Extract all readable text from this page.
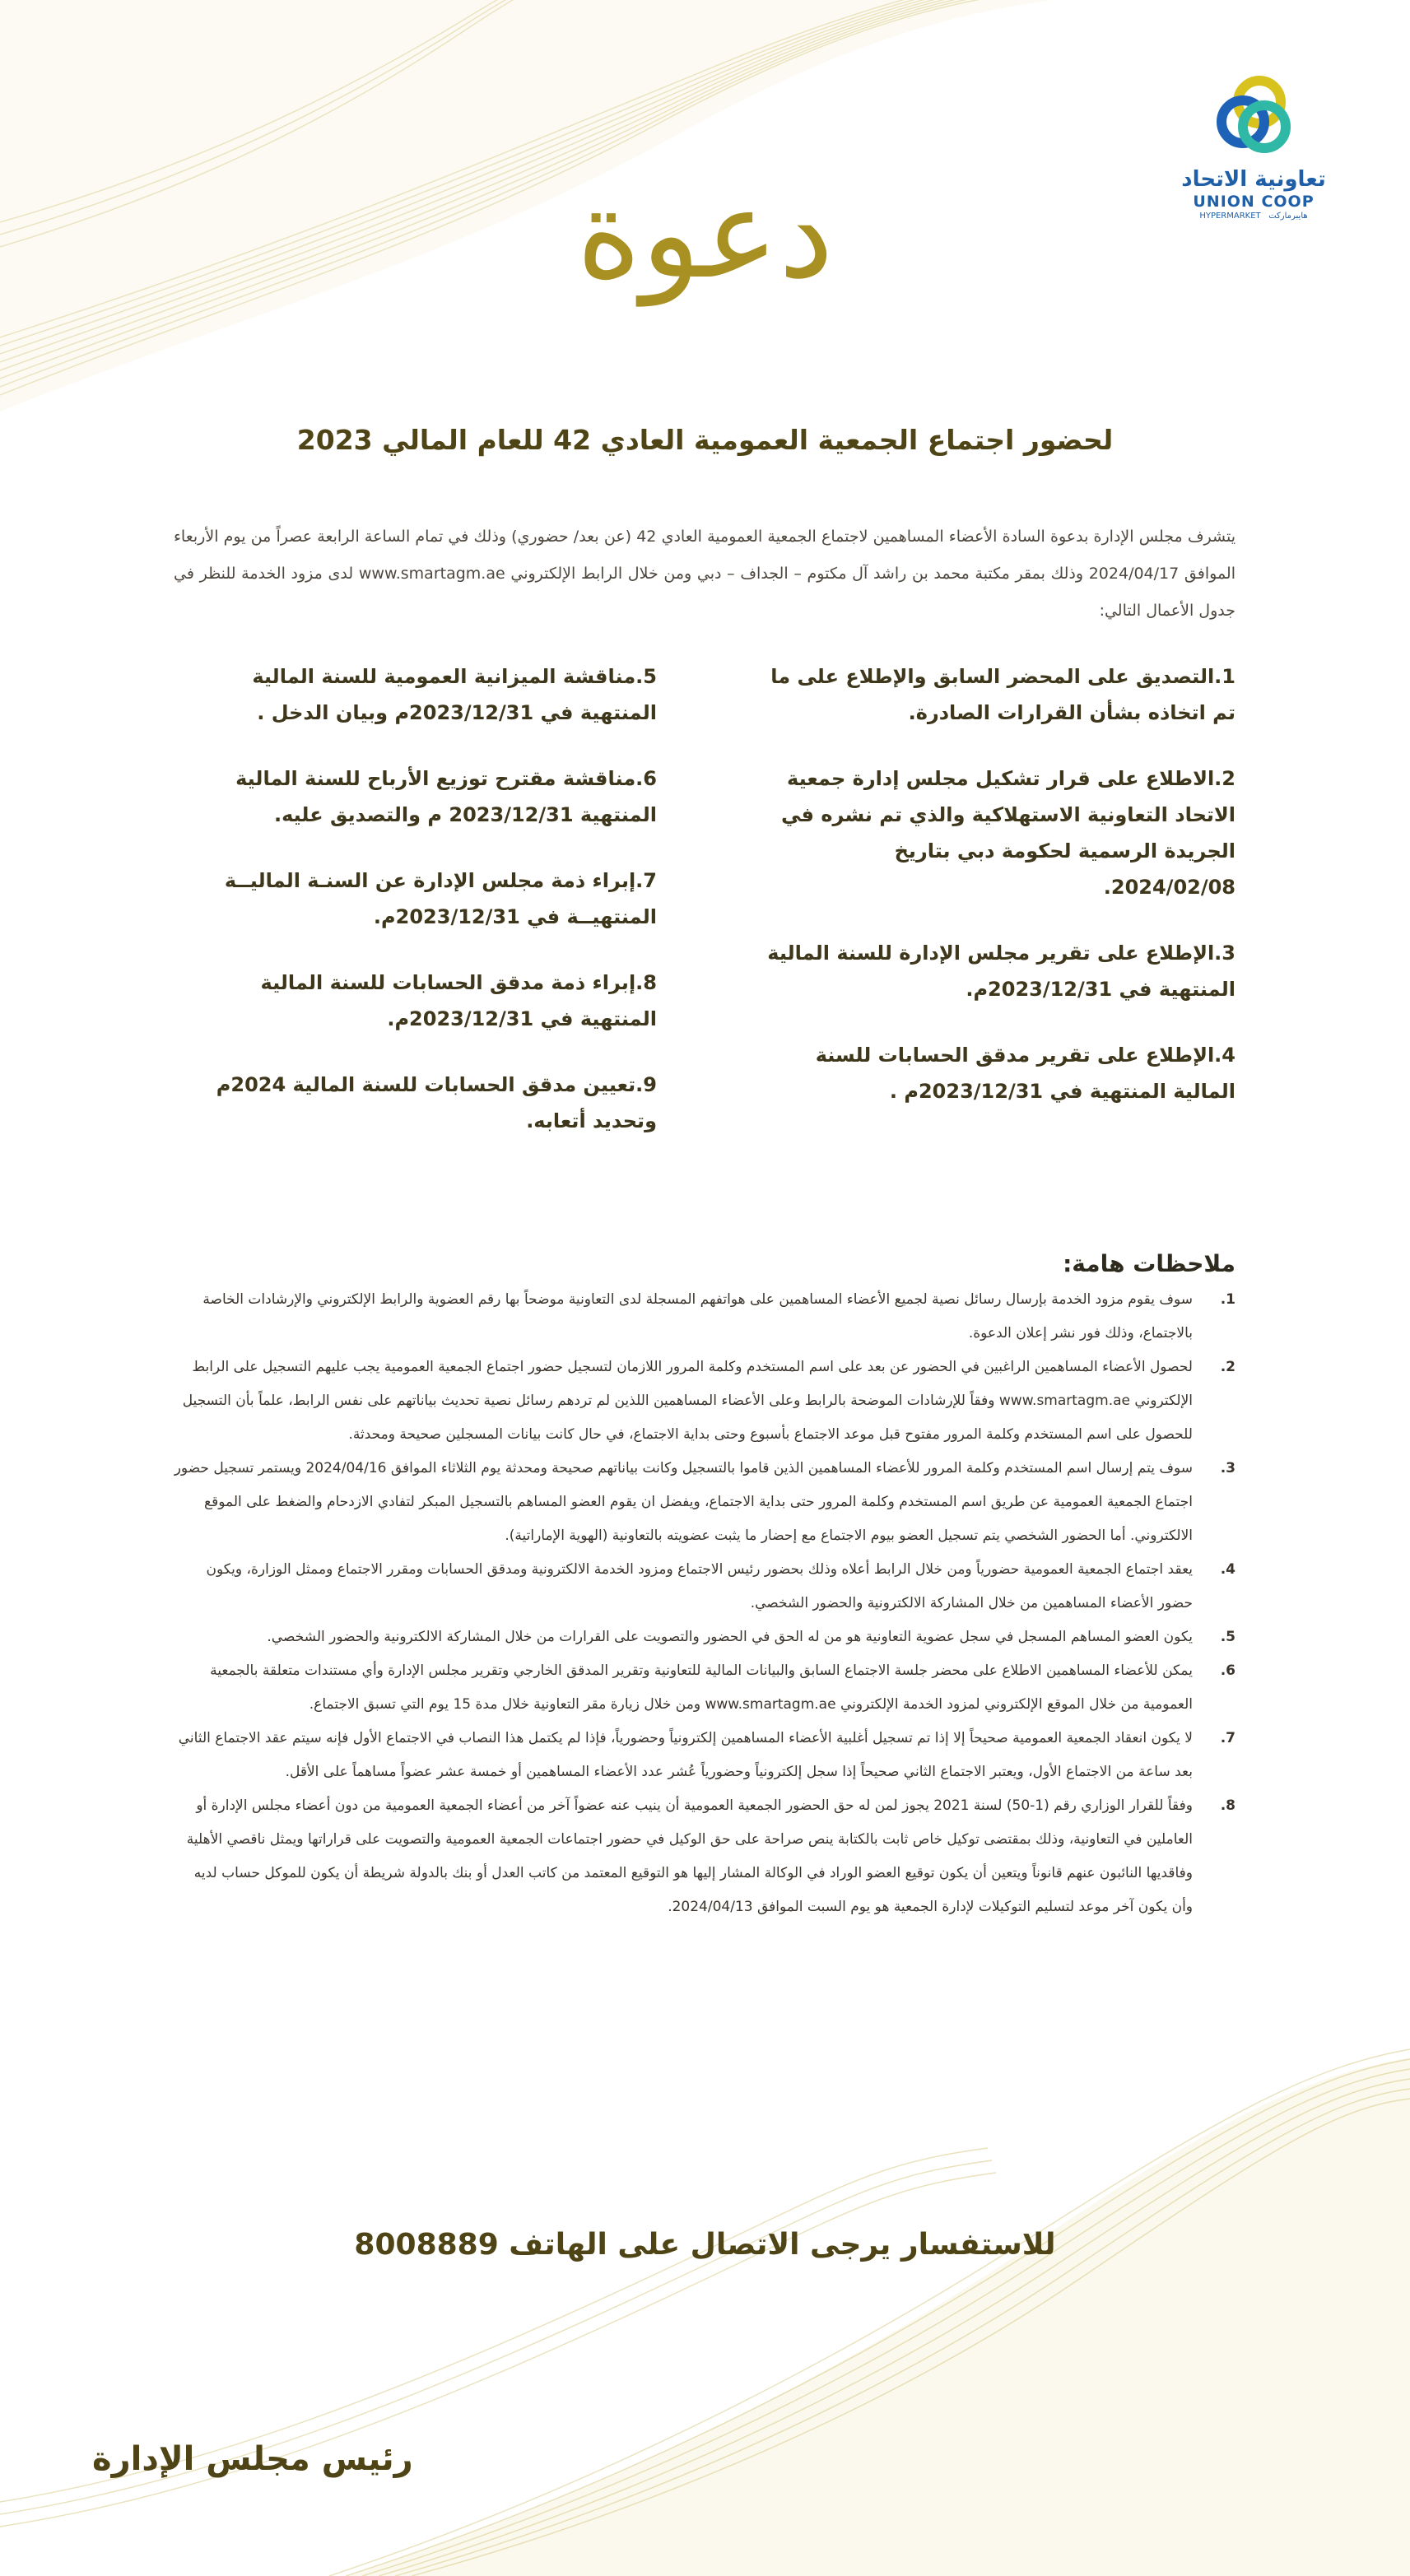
تعاونية الاتحاد
UNION COOP
HYPERMARKET هايبرماركت
دعوة
لحضور اجتماع الجمعية العمومية العادي 42 للعام المالي 2023
يتشرف مجلس الإدارة بدعوة السادة الأعضاء المساهمين لاجتماع الجمعية العمومية العادي 42 (عن بعد/ حضوري) وذلك في تمام الساعة الرابعة عصراً من يوم الأربعاء الموافق 2024/04/17 وذلك بمقر مكتبة محمد بن راشد آل مكتوم – الجداف – دبي ومن خلال الرابط الإلكتروني www.smartagm.ae لدى مزود الخدمة للنظر في جدول الأعمال التالي:
1.التصديق على المحضر السابق والإطلاع على ما تم اتخاذه بشأن القرارات الصادرة.
2.الاطلاع على قرار تشكيل مجلس إدارة جمعية الاتحاد التعاونية الاستهلاكية والذي تم نشره في الجريدة الرسمية لحكومة دبي بتاريخ 2024/02/08.
3.الإطلاع على تقرير مجلس الإدارة للسنة المالية المنتهية في 2023/12/31م.
4.الإطلاع على تقرير مدقق الحسابات للسنة المالية المنتهية في 2023/12/31م .
5.مناقشة الميزانية العمومية للسنة المالية المنتهية في 2023/12/31م وبيان الدخل .
6.مناقشة مقترح توزيع الأرباح للسنة المالية المنتهية 2023/12/31 م والتصديق عليه.
7.إبراء ذمة مجلس الإدارة عن السنـة الماليــة المنتهيــة في 2023/12/31م.
8.إبراء ذمة مدقق الحسابات للسنة المالية المنتهية في 2023/12/31م.
9.تعيين مدقق الحسابات للسنة المالية 2024م وتحديد أتعابه.
ملاحظات هامة:
1.
سوف يقوم مزود الخدمة بإرسال رسائل نصية لجميع الأعضاء المساهمين على هواتفهم المسجلة لدى التعاونية موضحاً بها رقم العضوية والرابط الإلكتروني والإرشادات الخاصة بالاجتماع، وذلك فور نشر إعلان الدعوة.
2.
لحصول الأعضاء المساهمين الراغبين في الحضور عن بعد على اسم المستخدم وكلمة المرور اللازمان لتسجيل حضور اجتماع الجمعية العمومية يجب عليهم التسجيل على الرابط الإلكتروني www.smartagm.ae وفقاً للإرشادات الموضحة بالرابط وعلى الأعضاء المساهمين اللذين لم تردهم رسائل نصية تحديث بياناتهم على نفس الرابط، علماً بأن التسجيل للحصول على اسم المستخدم وكلمة المرور مفتوح قبل موعد الاجتماع بأسبوع وحتى بداية الاجتماع، في حال كانت بيانات المسجلين صحيحة ومحدثة.
3.
سوف يتم إرسال اسم المستخدم وكلمة المرور للأعضاء المساهمين الذين قاموا بالتسجيل وكانت بياناتهم صحيحة ومحدثة يوم الثلاثاء الموافق 2024/04/16 ويستمر تسجيل حضور اجتماع الجمعية العمومية عن طريق اسم المستخدم وكلمة المرور حتى بداية الاجتماع، ويفضل ان يقوم العضو المساهم بالتسجيل المبكر لتفادي الازدحام والضغط على الموقع الالكتروني. أما الحضور الشخصي يتم تسجيل العضو بيوم الاجتماع مع إحضار ما يثبت عضويته بالتعاونية (الهوية الإماراتية).
4.
يعقد اجتماع الجمعية العمومية حضورياً ومن خلال الرابط أعلاه وذلك بحضور رئيس الاجتماع ومزود الخدمة الالكترونية ومدقق الحسابات ومقرر الاجتماع وممثل الوزارة، ويكون حضور الأعضاء المساهمين من خلال المشاركة الالكترونية والحضور الشخصي.
5.
يكون العضو المساهم المسجل في سجل عضوية التعاونية هو من له الحق في الحضور والتصويت على القرارات من خلال المشاركة الالكترونية والحضور الشخصي.
6.
يمكن للأعضاء المساهمين الاطلاع على محضر جلسة الاجتماع السابق والبيانات المالية للتعاونية وتقرير المدقق الخارجي وتقرير مجلس الإدارة وأي مستندات متعلقة بالجمعية العمومية من خلال الموقع الإلكتروني لمزود الخدمة الإلكتروني www.smartagm.ae ومن خلال زيارة مقر التعاونية خلال مدة 15 يوم التي تسبق الاجتماع.
7.
لا يكون انعقاد الجمعية العمومية صحيحاً إلا إذا تم تسجيل أغلبية الأعضاء المساهمين إلكترونياً وحضورياً، فإذا لم يكتمل هذا النصاب في الاجتماع الأول فإنه سيتم عقد الاجتماع الثاني بعد ساعة من الاجتماع الأول، ويعتبر الاجتماع الثاني صحيحاً إذا سجل إلكترونياً وحضورياً عُشر عدد الأعضاء المساهمين أو خمسة عشر عضواً مساهماً على الأقل.
8.
وفقاً للقرار الوزاري رقم (1-50) لسنة 2021 يجوز لمن له حق الحضور الجمعية العمومية أن ينيب عنه عضواً آخر من أعضاء الجمعية العمومية من دون أعضاء مجلس الإدارة أو العاملين في التعاونية، وذلك بمقتضى توكيل خاص ثابت بالكتابة ينص صراحة على حق الوكيل في حضور اجتماعات الجمعية العمومية والتصويت على قراراتها ويمثل ناقصي الأهلية وفاقديها النائبون عنهم قانوناً ويتعين أن يكون توقيع العضو الوراد في الوكالة المشار إليها هو التوقيع المعتمد من كاتب العدل أو بنك بالدولة شريطة أن يكون للموكل حساب لديه وأن يكون آخر موعد لتسليم التوكيلات لإدارة الجمعية هو يوم السبت الموافق 2024/04/13.
للاستفسار يرجى الاتصال على الهاتف 8008889
رئيس مجلس الإدارة
